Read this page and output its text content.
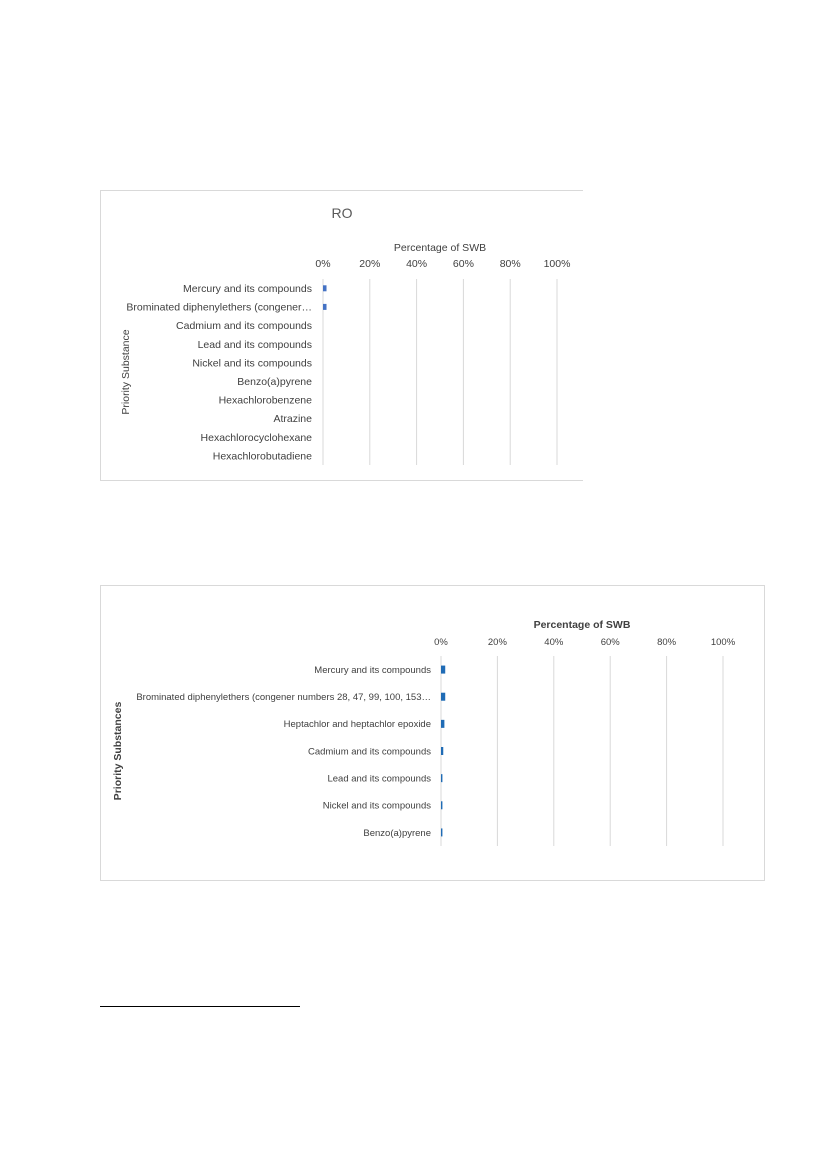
RO
Percentage of SWB
0%	20% 40% 60% 80% 100%
Priority Substance
Mercury and its compounds
Brominated diphenylethers (congener…
Cadmium and its compounds
Lead and its compounds
Nickel and its compounds
Benzo(a)pyrene
Hexachlorobenzene
Atrazine
Hexachlorocyclohexane
Hexachlorobutadiene
Percentage of SWB
0%	20%	40%	60%	80%	100%
Priority Substances
Mercury and its compounds
Brominated diphenylethers (congener numbers 28, 47, 99, 100, 153…
Heptachlor and heptachlor epoxide
Cadmium and its compounds
Lead and its compounds
Nickel and its compounds
Benzo(a)pyrene
